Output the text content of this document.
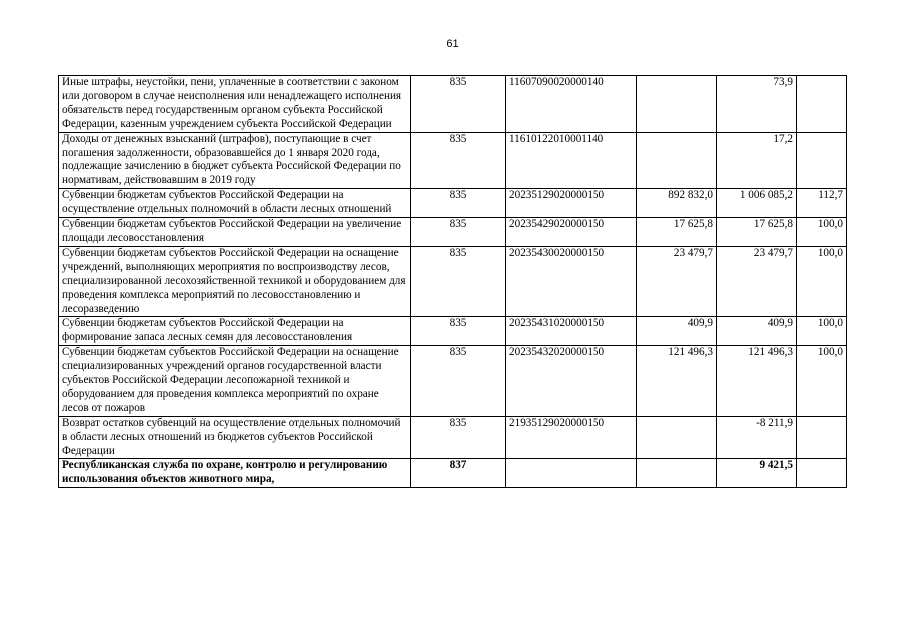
61
Иные штрафы, неустойки, пени, уплаченные в соответствии с законом или договором в случае неисполнения или ненадлежащего исполнения обязательств перед государственным органом субъекта Российской Федерации, казенным учреждением субъекта Российской Федерации	835	11607090020000140		73,9	
Доходы от денежных взысканий (штрафов), поступающие в счет погашения задолженности, образовавшейся до 1 января 2020 года, подлежащие зачислению в бюджет субъекта Российской Федерации по нормативам, действовавшим в 2019 году	835	11610122010001140		17,2	
Субвенции бюджетам субъектов Российской Федерации на осуществление отдельных полномочий в области лесных отношений	835	20235129020000150	892 832,0	1 006 085,2	112,7
Субвенции бюджетам субъектов Российской Федерации на увеличение площади лесовосстановления	835	20235429020000150	17 625,8	17 625,8	100,0
Субвенции бюджетам субъектов Российской Федерации на оснащение учреждений, выполняющих мероприятия по воспроизводству лесов, специализированной лесохозяйственной техникой и оборудованием для проведения комплекса мероприятий по лесовосстановлению и лесоразведению	835	20235430020000150	23 479,7	23 479,7	100,0
Субвенции бюджетам субъектов Российской Федерации на формирование запаса лесных семян для лесовосстановления	835	20235431020000150	409,9	409,9	100,0
Субвенции бюджетам субъектов Российской Федерации на оснащение специализированных учреждений органов государственной власти субъектов Российской Федерации лесопожарной техникой и оборудованием для проведения комплекса мероприятий по охране лесов от пожаров	835	20235432020000150	121 496,3	121 496,3	100,0
Возврат остатков субвенций на осуществление отдельных полномочий в области лесных отношений из бюджетов субъектов Российской Федерации	835	21935129020000150		-8 211,9	
Республиканская служба по охране, контролю и регулированию использования объектов животного мира,	837			9 421,5	
